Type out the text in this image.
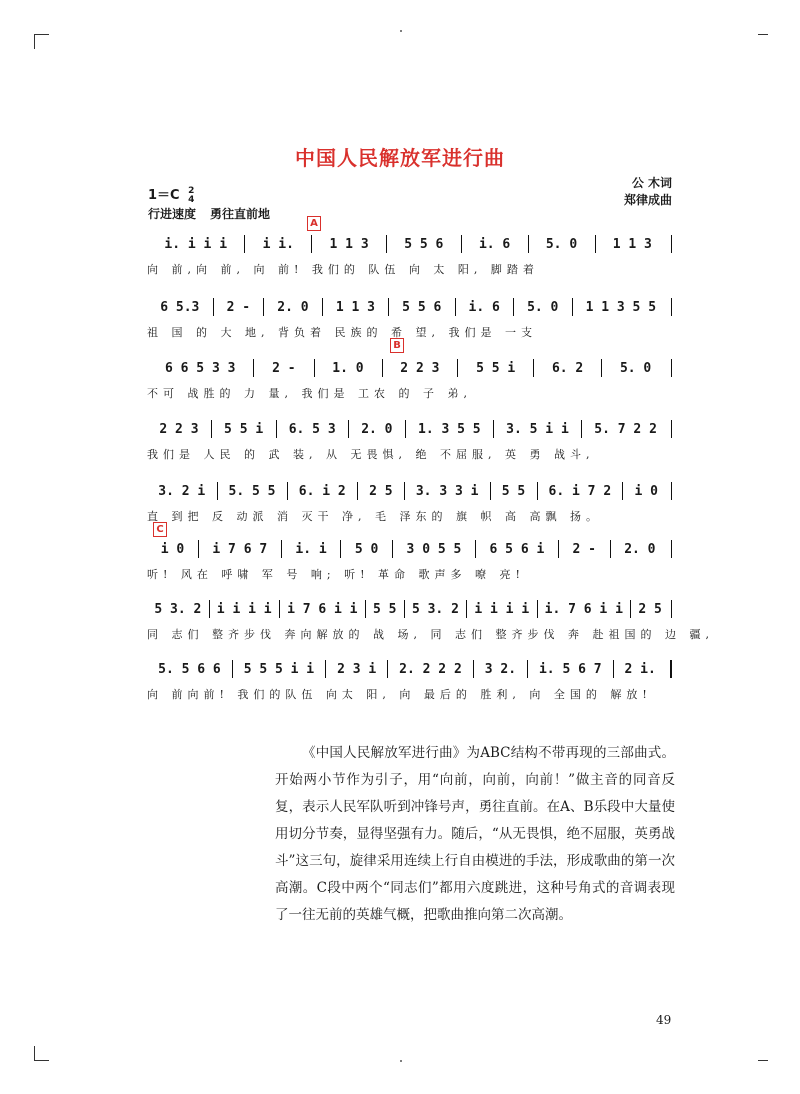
中国人民解放军进行曲
1＝C 2
4
行进速度 勇往直前地
公 木词
郑律成曲
A
B
C
i. i i i	i i.	1 1 3	5 5 6	i. 6	5. 0	1 1 3
向 前,向 前, 向 前! 我们的 队伍 向 太 阳, 脚踏着
6 5.3	2 -	2. 0	1 1 3	5 5 6	i. 6	5. 0	1 1 3 5 5
祖 国 的 大 地, 背负着 民族的 希 望, 我们是 一支
6 6 5 3 3	2 -	1. 0	2 2 3	5 5 i	6. 2	5. 0
不可 战胜的 力 量, 我们是 工农 的 子 弟,
2 2 3	5 5 i	6. 5 3	2. 0	1. 3 5 5	3. 5 i i	5. 7 2 2
我们是 人民 的 武 装, 从 无畏惧, 绝 不屈服, 英 勇 战斗,
3. 2 i	5. 5 5	6. i 2	2 5	3. 3 3 i	5 5	6. i 7 2	i 0
直 到把 反 动派 消 灭干 净, 毛 泽东的 旗 帜 高 高飘 扬。
i 0	i 7 6 7	i. i	5 0	3 0 5 5	6 5 6 i	2 -	2. 0
听! 风在 呼啸 军 号 响; 听! 革命 歌声多 嘹 亮!
5 3. 2	i i i i	i 7 6 i i	5 5	5 3. 2	i i i i	i. 7 6 i i	2 5
同 志们 整齐步伐 奔向解放的 战 场, 同 志们 整齐步伐 奔 赴祖国的 边 疆,
5. 5 6 6	5 5 5 i i	2 3 i	2. 2 2 2	3 2.	i. 5 6 7	2 i.
向 前向前! 我们的队伍 向太 阳, 向 最后的 胜利, 向 全国的 解放!
《中国人民解放军进行曲》为ABC结构不带再现的三部曲式。开始两小节作为引子，用“向前，向前，向前！”做主音的同音反复，表示人民军队听到冲锋号声，勇往直前。在A、B乐段中大量使用切分节奏，显得坚强有力。随后，“从无畏惧，绝不屈服，英勇战斗”这三句，旋律采用连续上行自由模进的手法，形成歌曲的第一次高潮。C段中两个“同志们”都用六度跳进，这种号角式的音调表现了一往无前的英雄气概，把歌曲推向第二次高潮。
49
